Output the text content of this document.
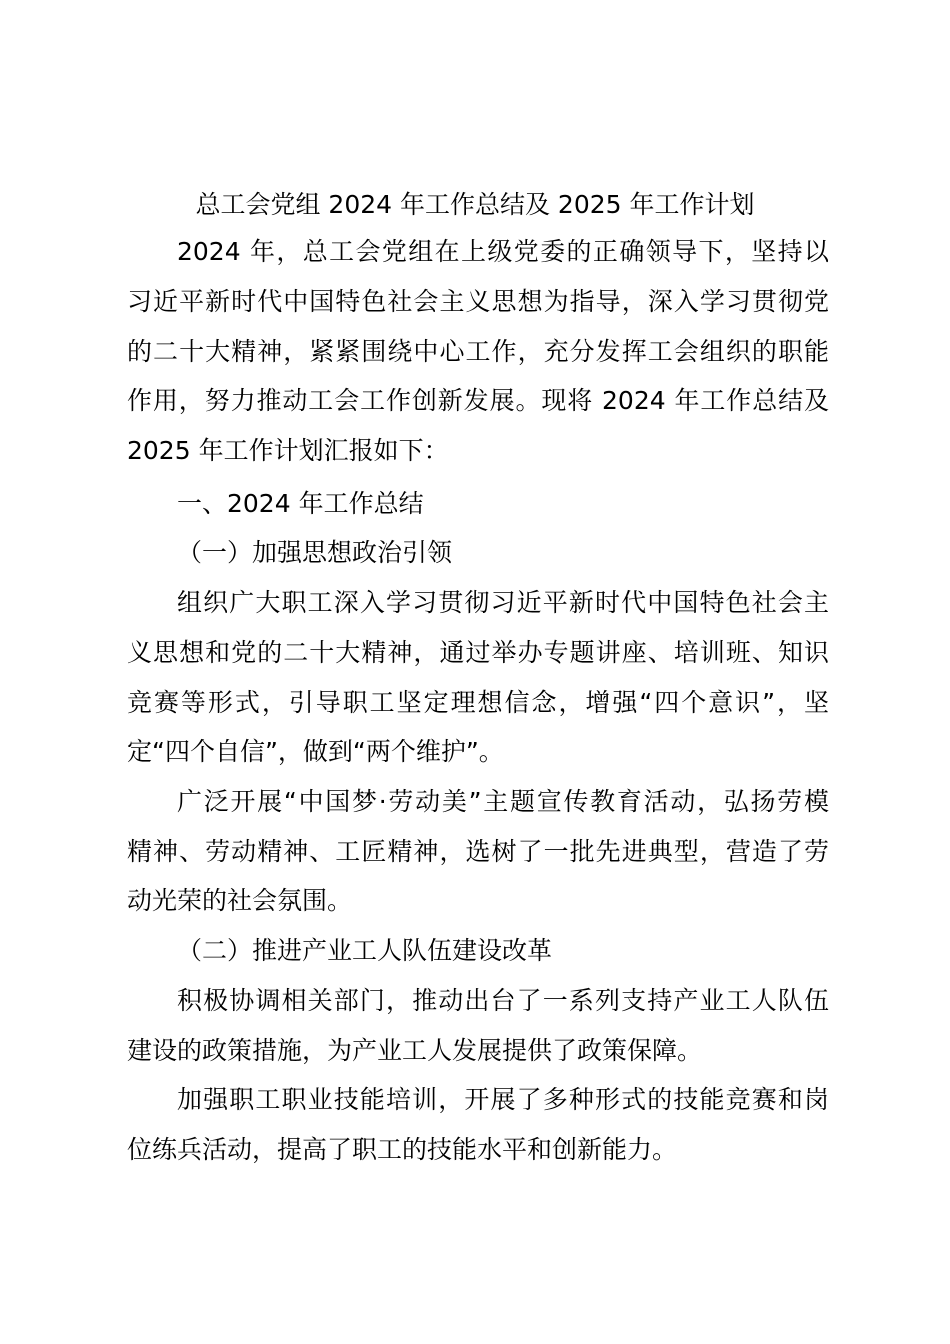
总工会党组 2024 年工作总结及 2025 年工作计划
2024 年，总工会党组在上级党委的正确领导下，坚持以
习近平新时代中国特色社会主义思想为指导，深入学习贯彻党
的二十大精神，紧紧围绕中心工作，充分发挥工会组织的职能
作用，努力推动工会工作创新发展。现将 2024 年工作总结及
2025 年工作计划汇报如下：
一、2024 年工作总结
（一）加强思想政治引领
组织广大职工深入学习贯彻习近平新时代中国特色社会主
义思想和党的二十大精神，通过举办专题讲座、培训班、知识
竞赛等形式，引导职工坚定理想信念，增强“四个意识”，坚
定“四个自信”，做到“两个维护”。
广泛开展“中国梦·劳动美”主题宣传教育活动，弘扬劳模
精神、劳动精神、工匠精神，选树了一批先进典型，营造了劳
动光荣的社会氛围。
（二）推进产业工人队伍建设改革
积极协调相关部门，推动出台了一系列支持产业工人队伍
建设的政策措施，为产业工人发展提供了政策保障。
加强职工职业技能培训，开展了多种形式的技能竞赛和岗
位练兵活动，提高了职工的技能水平和创新能力。
